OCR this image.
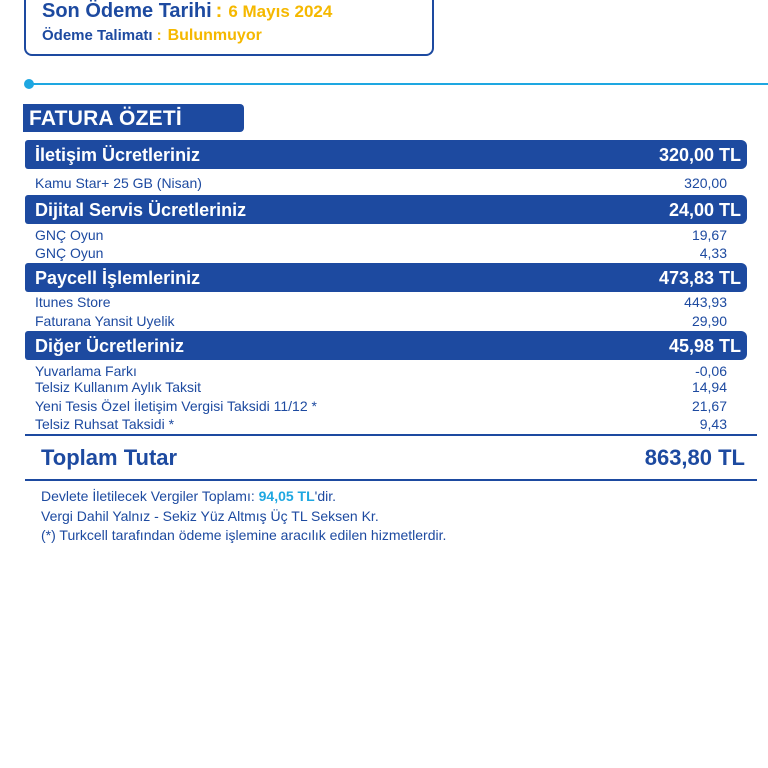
Son Ödeme Tarihi : 6 Mayıs 2024
Ödeme Talimatı : Bulunmuyor
FATURA ÖZETİ
İletişim Ücretleriniz	320,00 TL
Kamu Star+ 25 GB (Nisan)	320,00
Dijital Servis Ücretleriniz	24,00 TL
GNÇ Oyun	19,67
GNÇ Oyun	4,33
Paycell İşlemleriniz	473,83 TL
Itunes Store	443,93
Faturana Yansit Uyelik	29,90
Diğer Ücretleriniz	45,98 TL
Yuvarlama Farkı	-0,06
Telsiz Kullanım Aylık Taksit	14,94
Yeni Tesis Özel İletişim Vergisi Taksidi 11/12 *	21,67
Telsiz Ruhsat Taksidi *	9,43
Toplam Tutar	863,80 TL
Devlete İletilecek Vergiler Toplamı: 94,05 TL'dir.
Vergi Dahil Yalnız - Sekiz Yüz Altmış Üç TL Seksen Kr.
(*) Turkcell tarafından ödeme işlemine aracılık edilen hizmetlerdir.
